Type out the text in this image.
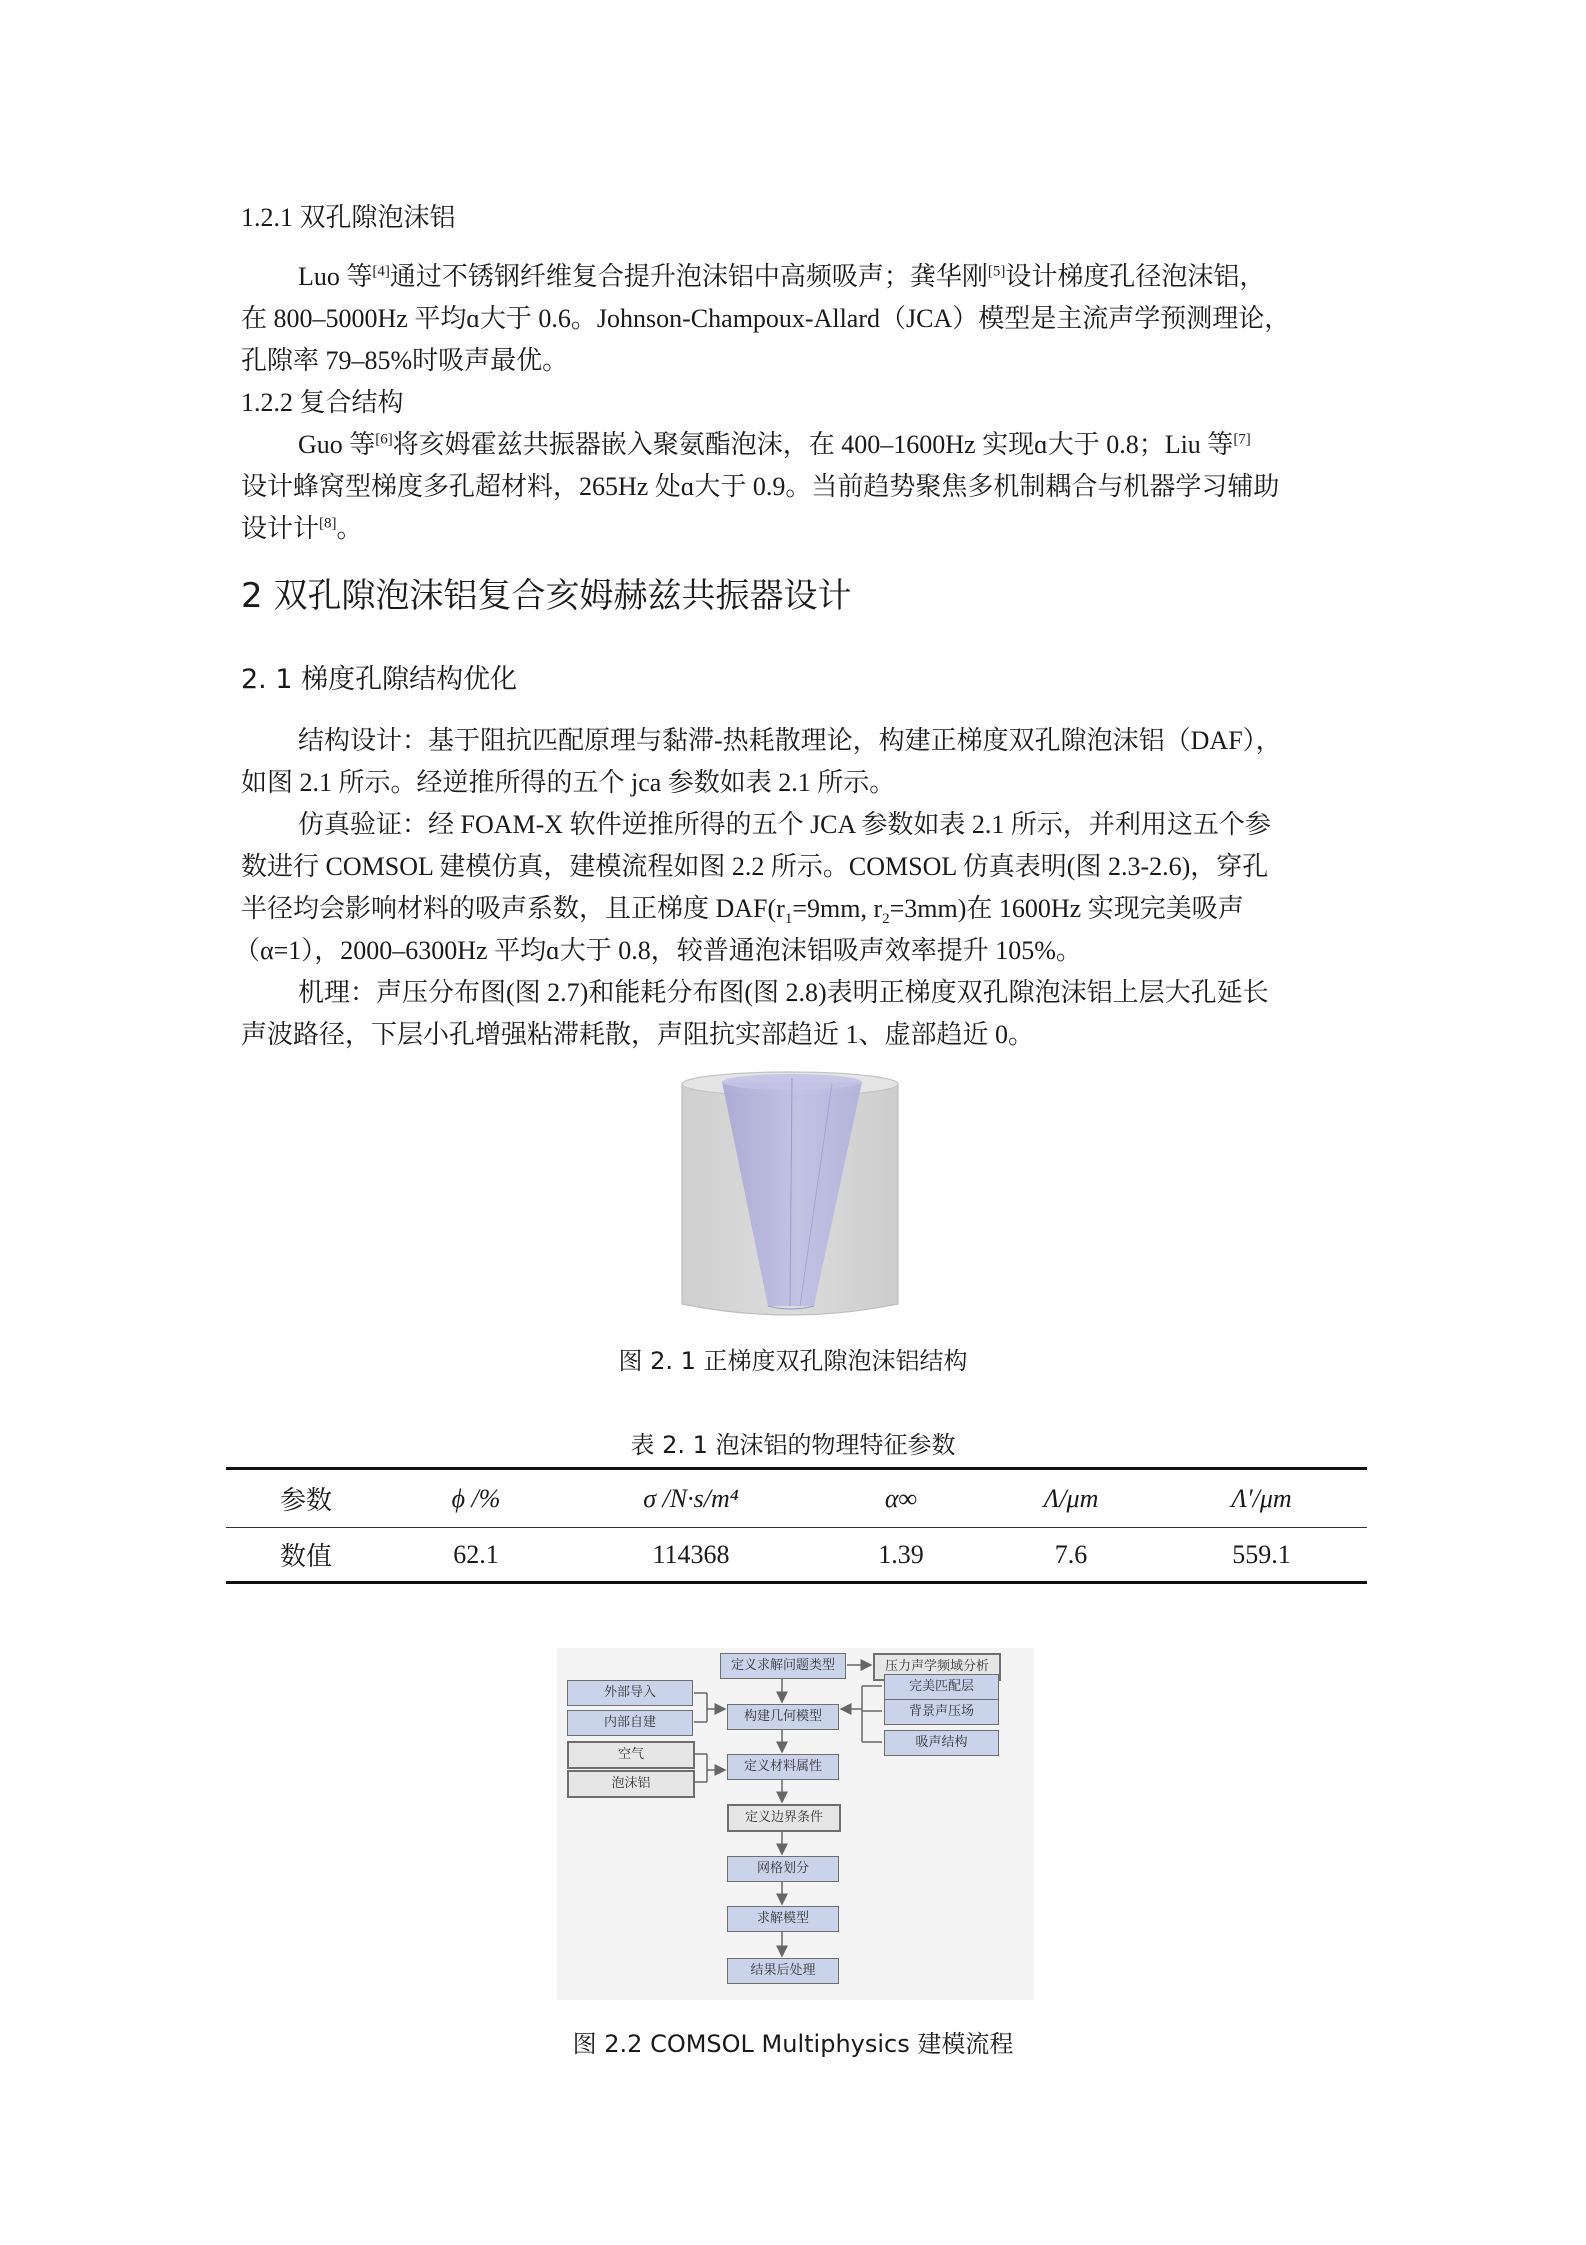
1.2.1 双孔隙泡沫铝
Luo 等[4]通过不锈钢纤维复合提升泡沫铝中高频吸声；龚华刚[5]设计梯度孔径泡沫铝，
在 800–5000Hz 平均ɑ大于 0.6。Johnson-Champoux-Allard（JCA）模型是主流声学预测理论，
孔隙率 79–85%时吸声最优。
1.2.2 复合结构
Guo 等[6]将亥姆霍兹共振器嵌入聚氨酯泡沫，在 400–1600Hz 实现ɑ大于 0.8；Liu 等[7]
设计蜂窝型梯度多孔超材料，265Hz 处ɑ大于 0.9。当前趋势聚焦多机制耦合与机器学习辅助
设计计[8]。
2 双孔隙泡沫铝复合亥姆赫兹共振器设计
2. 1 梯度孔隙结构优化
结构设计：基于阻抗匹配原理与黏滞-热耗散理论，构建正梯度双孔隙泡沫铝（DAF），
如图 2.1 所示。经逆推所得的五个 jca 参数如表 2.1 所示。
仿真验证：经 FOAM-X 软件逆推所得的五个 JCA 参数如表 2.1 所示，并利用这五个参
数进行 COMSOL 建模仿真，建模流程如图 2.2 所示。COMSOL 仿真表明(图 2.3-2.6)，穿孔
半径均会影响材料的吸声系数，且正梯度 $DAF(r_1=9mm$, $r_2=3mm$)在 1600Hz 实现完美吸声
（α=1），2000–6300Hz 平均ɑ大于 0.8，较普通泡沫铝吸声效率提升 105%。
机理：声压分布图(图 2.7)和能耗分布图(图 2.8)表明正梯度双孔隙泡沫铝上层大孔延长
声波路径，下层小孔增强粘滞耗散，声阻抗实部趋近 1、虚部趋近 0。
图 2. 1 正梯度双孔隙泡沫铝结构
表 2. 1 泡沫铝的物理特征参数
参数	ϕ /%	σ /N·s/m⁴	α∞	Λ/μm	Λ′/μm
数值	62.1	114368	1.39	7.6	559.1
定义求解问题类型
构建几何模型
定义材料属性
定义边界条件
网格划分
求解模型
结果后处理
外部导入
内部自建
空气
泡沫铝
压力声学频域分析
完美匹配层
背景声压场
吸声结构
图 2.2 COMSOL Multiphysics 建模流程
